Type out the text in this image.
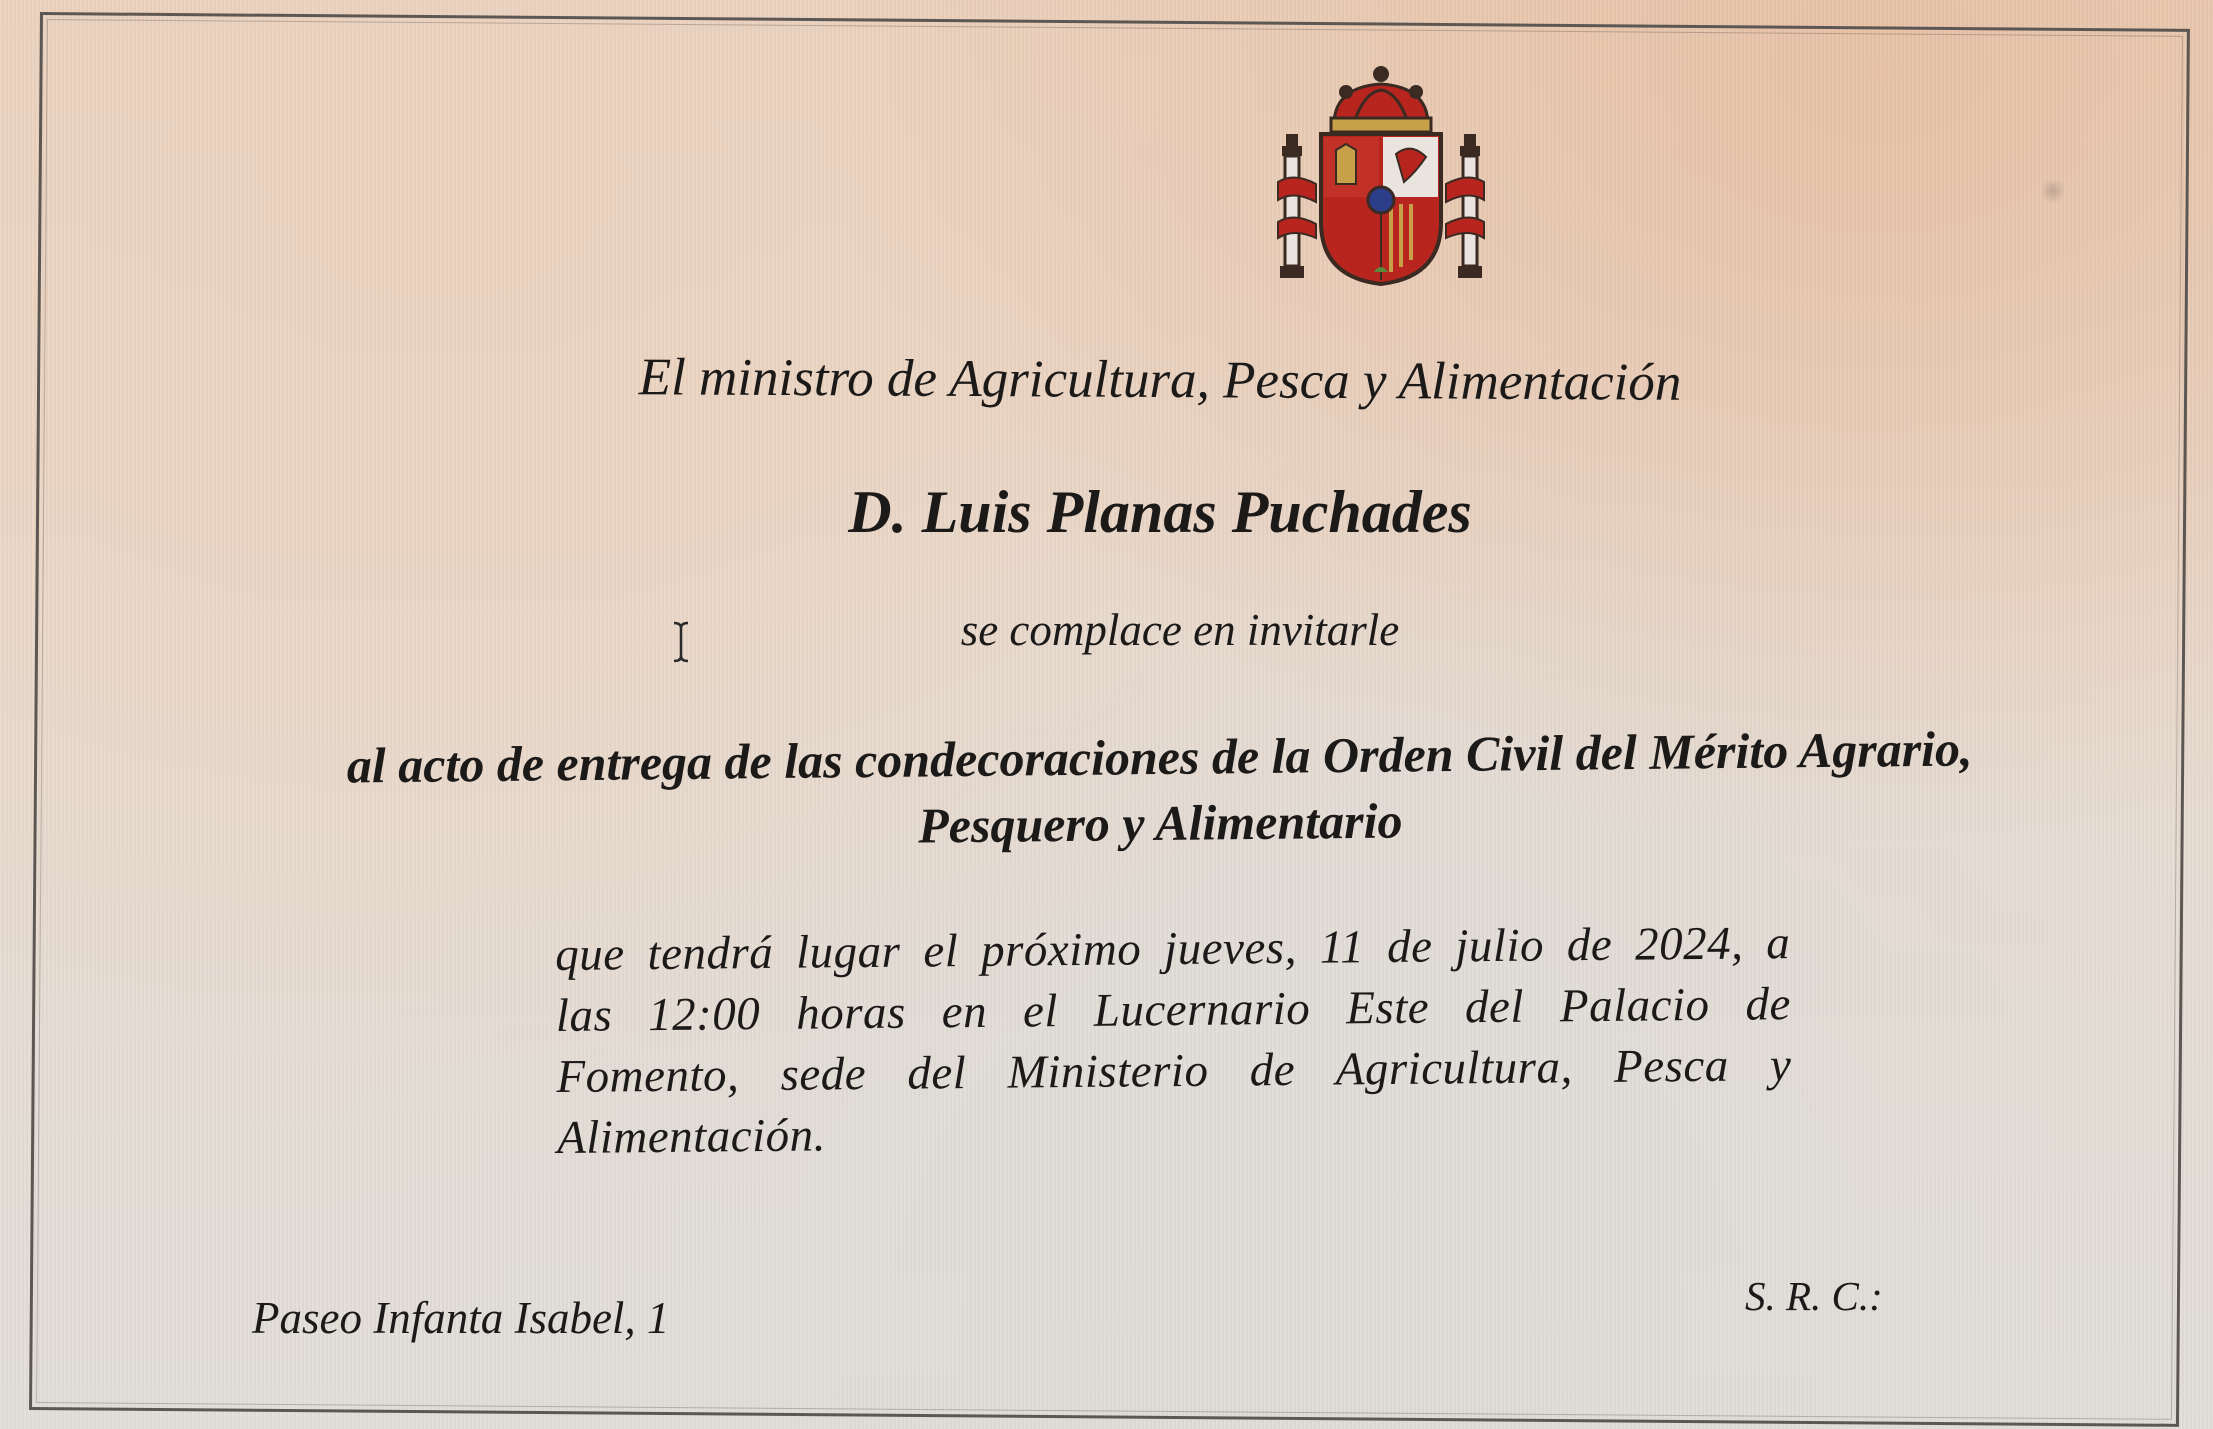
El ministro de Agricultura, Pesca y Alimentación
D. Luis Planas Puchades
se complace en invitarle
al acto de entrega de las condecoraciones de la Orden Civil del Mérito Agrario, Pesquero y Alimentario
que tendrá lugar el próximo jueves, 11 de julio de 2024, a las 12:00 horas en el Lucernario Este del Palacio de Fomento, sede del Ministerio de Agricultura, Pesca y Alimentación.
Paseo Infanta Isabel, 1	S. R. C.:
